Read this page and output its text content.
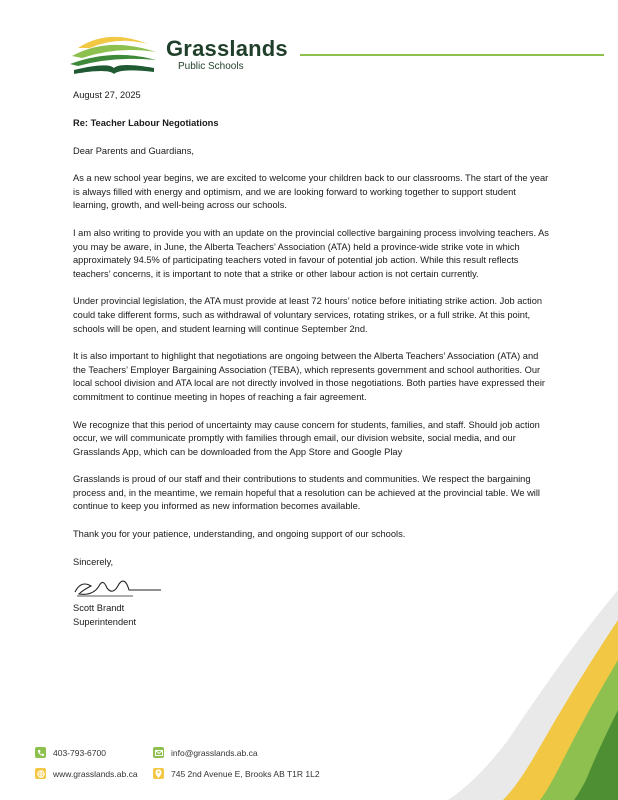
Grasslands
Public Schools

August 27, 2025

Re: Teacher Labour Negotiations

Dear Parents and Guardians,

As a new school year begins, we are excited to welcome your children back to our classrooms. The start of the year is always filled with energy and optimism, and we are looking forward to working together to support student learning, growth, and well-being across our schools.

I am also writing to provide you with an update on the provincial collective bargaining process involving teachers. As you may be aware, in June, the Alberta Teachers’ Association (ATA) held a province-wide strike vote in which approximately 94.5% of participating teachers voted in favour of potential job action. While this result reflects teachers’ concerns, it is important to note that a strike or other labour action is not certain currently.

Under provincial legislation, the ATA must provide at least 72 hours’ notice before initiating strike action. Job action could take different forms, such as withdrawal of voluntary services, rotating strikes, or a full strike. At this point, schools will be open, and student learning will continue September 2nd.

It is also important to highlight that negotiations are ongoing between the Alberta Teachers’ Association (ATA) and the Teachers’ Employer Bargaining Association (TEBA), which represents government and school authorities. Our local school division and ATA local are not directly involved in those negotiations. Both parties have expressed their commitment to continue meeting in hopes of reaching a fair agreement.

We recognize that this period of uncertainty may cause concern for students, families, and staff. Should job action occur, we will communicate promptly with families through email, our division website, social media, and our Grasslands App, which can be downloaded from the App Store and Google Play

Grasslands is proud of our staff and their contributions to students and communities. We respect the bargaining process and, in the meantime, we remain hopeful that a resolution can be achieved at the provincial table. We will continue to keep you informed as new information becomes available.

Thank you for your patience, understanding, and ongoing support of our schools.

Sincerely,

Scott Brandt

Superintendent

403-793-6700	info@grasslands.ab.ca
www.grasslands.ab.ca	745 2nd Avenue E, Brooks AB T1R 1L2
